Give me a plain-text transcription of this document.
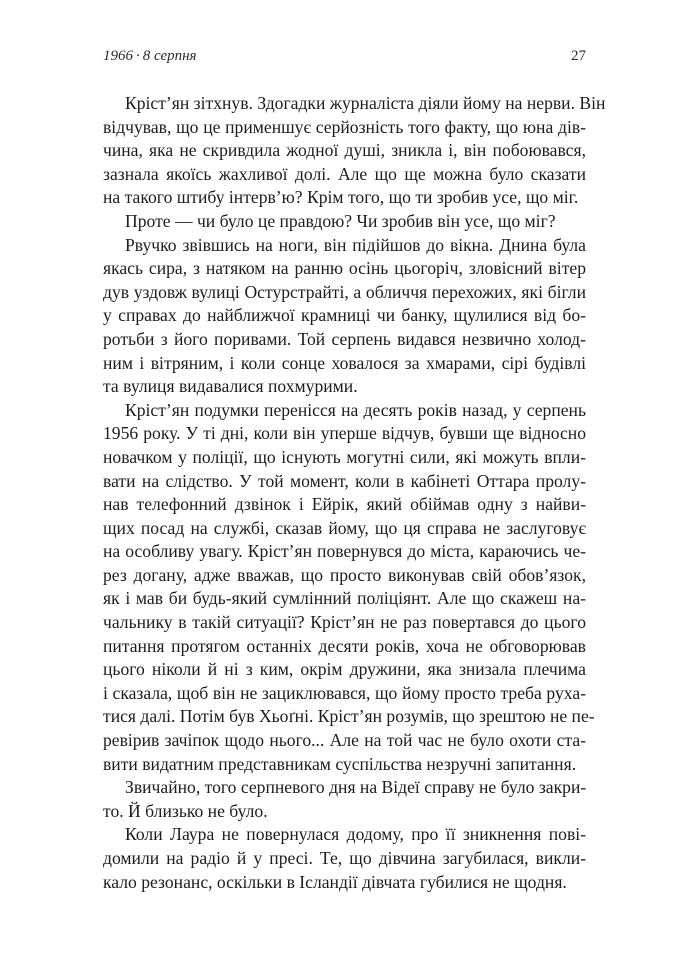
1966 · 8 серпня	27
Крiст’ян зітхнув. Здогадки журналіста діяли йому на нерви. Він
відчував, що це применшує серйозність того факту, що юна дів-
чина, яка не скривдила жодної душі, зникла і, він побоювався,
зазнала якоїсь жахливої долі. Але що ще можна було сказати
на такого штибу інтерв’ю? Крім того, що ти зробив усе, що міг.
Проте — чи було це правдою? Чи зробив він усе, що міг?
Рвучко звівшись на ноги, він підійшов до вікна. Днина була
якась сира, з натяком на ранню осінь цьогоріч, зловісний вітер
дув уздовж вулиці Остурстрайті, а обличчя перехожих, які бігли
у справах до найближчої крамниці чи банку, щулилися від бо-
ротьби з його поривами. Той серпень видався незвично холод-
ним і вітряним, і коли сонце ховалося за хмарами, сірі будівлі
та вулиця видавалися похмурими.
Крiст’ян подумки перенісся на десять років назад, у серпень
1956 року. У ті дні, коли він уперше відчув, бувши ще відносно
новачком у поліції, що існують могутні сили, які можуть впли-
вати на слідство. У той момент, коли в кабінеті Оттара пролу-
нав телефонний дзвінок і Ейрік, який обіймав одну з найви-
щих посад на службі, сказав йому, що ця справа не заслуговує
на особливу увагу. Крiст’ян повернувся до міста, караючись че-
рез догану, адже вважав, що просто виконував свій обов’язок,
як і мав би будь-який сумлінний поліціянт. Але що скажеш на-
чальнику в такій ситуації? Крiст’ян не раз повертався до цього
питання протягом останніх десяти років, хоча не обговорював
цього ніколи й ні з ким, окрім дружини, яка знизала плечима
і сказала, щоб він не зациклювався, що йому просто треба руха-
тися далі. Потім був Хьоґні. Крiст’ян розумів, що зрештою не пе-
ревірив зачіпок щодо нього... Але на той час не було охоти ста-
вити видатним представникам суспільства незручні запитання.
Звичайно, того серпневого дня на Відеї справу не було закри-
то. Й близько не було.
Коли Лаура не повернулася додому, про її зникнення пові-
домили на радіо й у пресі. Те, що дівчина загубилася, викли-
кало резонанс, оскільки в Ісландії дівчата губилися не щодня.
